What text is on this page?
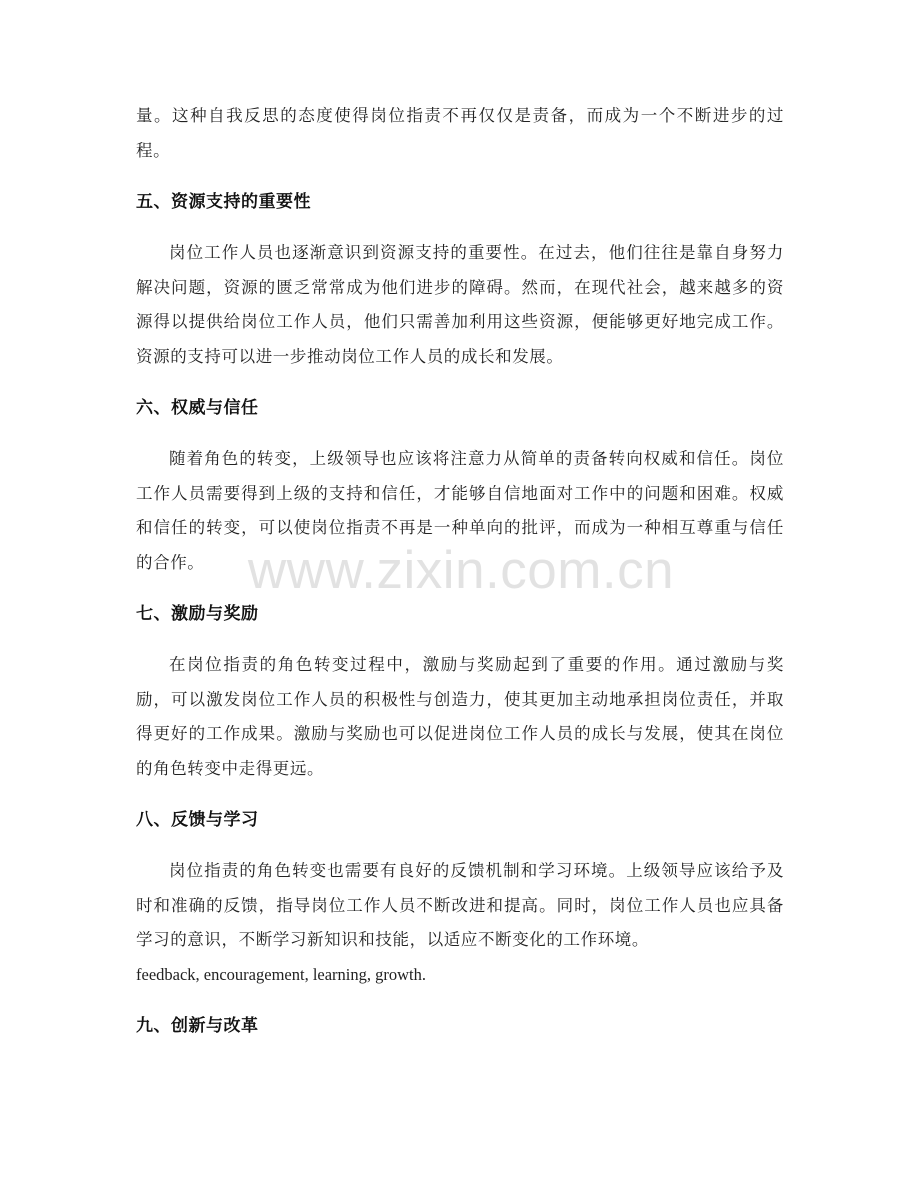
量。这种自我反思的态度使得岗位指责不再仅仅是责备，而成为一个不断进步的过程。

五、资源支持的重要性

岗位工作人员也逐渐意识到资源支持的重要性。在过去，他们往往是靠自身努力解决问题，资源的匮乏常常成为他们进步的障碍。然而，在现代社会，越来越多的资源得以提供给岗位工作人员，他们只需善加利用这些资源，便能够更好地完成工作。资源的支持可以进一步推动岗位工作人员的成长和发展。

六、权威与信任

随着角色的转变，上级领导也应该将注意力从简单的责备转向权威和信任。岗位工作人员需要得到上级的支持和信任，才能够自信地面对工作中的问题和困难。权威和信任的转变，可以使岗位指责不再是一种单向的批评，而成为一种相互尊重与信任的合作。

七、激励与奖励

在岗位指责的角色转变过程中，激励与奖励起到了重要的作用。通过激励与奖励，可以激发岗位工作人员的积极性与创造力，使其更加主动地承担岗位责任，并取得更好的工作成果。激励与奖励也可以促进岗位工作人员的成长与发展，使其在岗位的角色转变中走得更远。

八、反馈与学习

岗位指责的角色转变也需要有良好的反馈机制和学习环境。上级领导应该给予及时和准确的反馈，指导岗位工作人员不断改进和提高。同时，岗位工作人员也应具备学习的意识，不断学习新知识和技能，以适应不断变化的工作环境。

feedback, encouragement, learning, growth.

九、创新与改革
www.zixin.com.cn
